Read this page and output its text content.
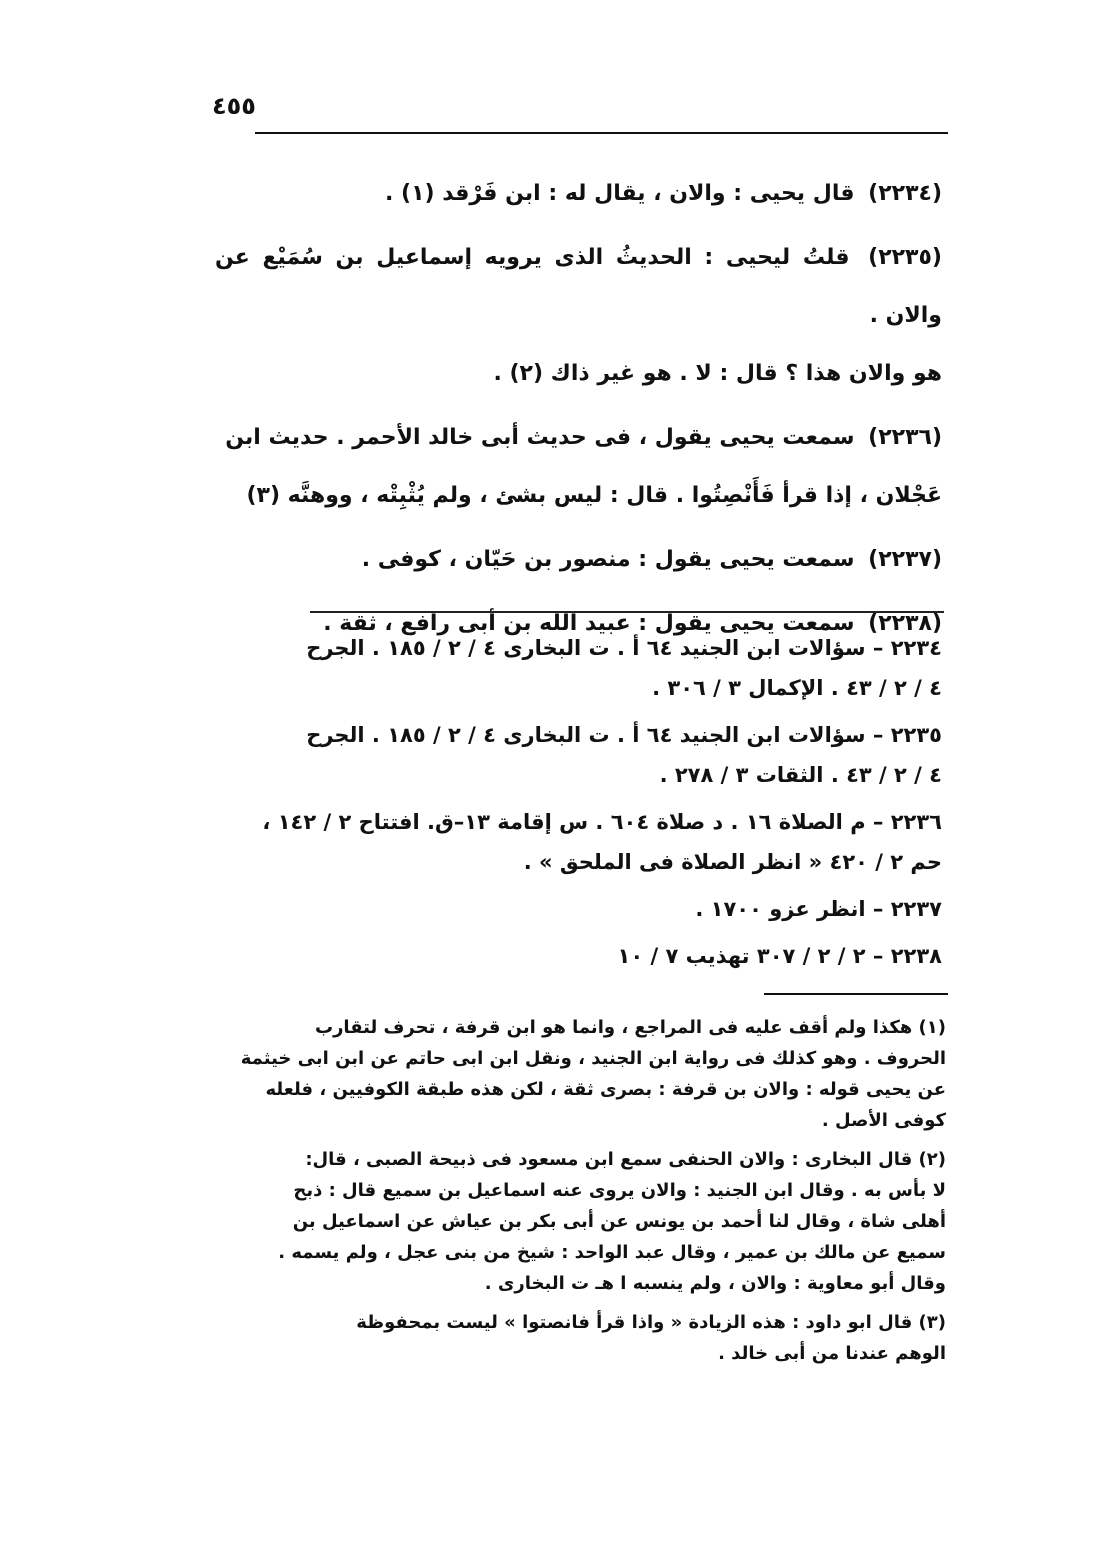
٤٥٥

(٢٢٣٤) قال يحيى : والان ، يقال له : ابن فَرْقد (١) .

(٢٢٣٥) قلتُ ليحيى : الحديثُ الذى يرويه إسماعيل بن سُمَيْع عن والان .

هو والان هذا ؟ قال : لا . هو غير ذاك (٢) .

(٢٢٣٦) سمعت يحيى يقول ، فى حديث أبى خالد الأحمر . حديث ابن

عَجْلان ، إذا قرأ فَأَنْصِتُوا . قال : ليس بشئ ، ولم يُثْبِتْه ، ووهنَّه (٣)

(٢٢٣٧) سمعت يحيى يقول : منصور بن حَيّان ، كوفى .

(٢٢٣٨) سمعت يحيى يقول : عبيد الله بن أبى رافع ، ثقة .

٢٢٣٤ – سؤالات ابن الجنيد ٦٤ أ . ت البخارى ٤ / ٢ / ١٨٥ . الجرح
٤ / ٢ / ٤٣ . الإكمال ٣ / ٣٠٦ .
٢٢٣٥ – سؤالات ابن الجنيد ٦٤ أ . ت البخارى ٤ / ٢ / ١٨٥ . الجرح
٤ / ٢ / ٤٣ . الثقات ٣ / ٢٧٨ .
٢٢٣٦ – م الصلاة ١٦ . د صلاة ٦٠٤ . س إقامة ١٣–ق. افتتاح ٢ / ١٤٢ ،
حم ٢ / ٤٢٠ « انظر الصلاة فى الملحق » .
٢٢٣٧ – انظر عزو ١٧٠٠ .
٢٢٣٨ – ٢ / ٢ / ٣٠٧ تهذيب ٧ / ١٠

(١) هكذا ولم أقف عليه فى المراجع ، وانما هو ابن قرفة ، تحرف لتقارب

الحروف . وهو كذلك فى رواية ابن الجنيد ، ونقل ابن ابى حاتم عن ابن ابى خيثمة

عن يحيى قوله : والان بن قرفة : بصرى ثقة ، لكن هذه طبقة الكوفيين ، فلعله

كوفى الأصل .

(٢) قال البخارى : والان الحنفى سمع ابن مسعود فى ذبيحة الصبى ، قال:

لا بأس به . وقال ابن الجنيد : والان يروى عنه اسماعيل بن سميع قال : ذبح

أهلى شاة ، وقال لنا أحمد بن يونس عن أبى بكر بن عياش عن اسماعيل بن

سميع عن مالك بن عمير ، وقال عبد الواحد : شيخ من بنى عجل ، ولم يسمه .

وقال أبو معاوية : والان ، ولم ينسبه ا هـ ت البخارى .

(٣) قال ابو داود : هذه الزيادة « واذا قرأ فانصتوا » ليست بمحفوظة

الوهم عندنا من أبى خالد .
